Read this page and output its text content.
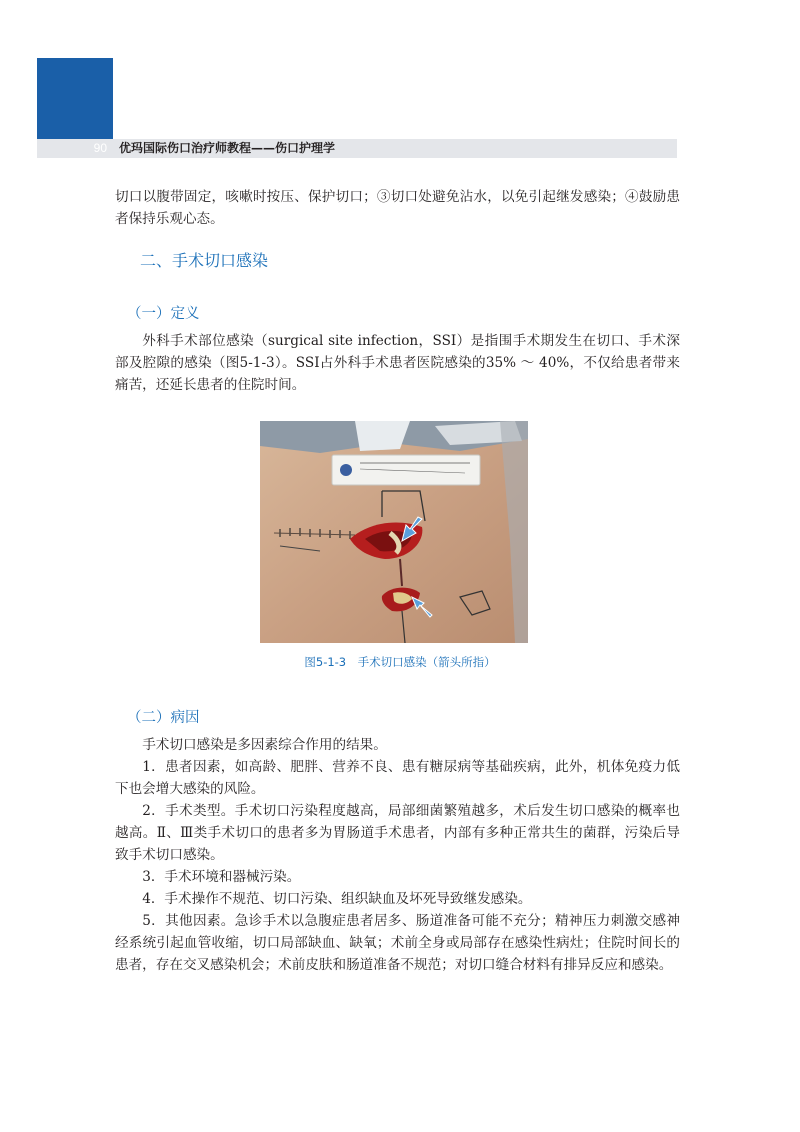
90	优玛国际伤口治疗师教程——伤口护理学

切口以腹带固定，咳嗽时按压、保护切口；③切口处避免沾水，以免引起继发感染；④鼓励患者保持乐观心态。

二、手术切口感染
（一）定义

外科手术部位感染（surgical site infection，SSI）是指围手术期发生在切口、手术深部及腔隙的感染（图5-1-3）。SSI占外科手术患者医院感染的35% ～ 40%，不仅给患者带来痛苦，还延长患者的住院时间。

图5-1-3　手术切口感染（箭头所指）
（二）病因

手术切口感染是多因素综合作用的结果。

1．患者因素，如高龄、肥胖、营养不良、患有糖尿病等基础疾病，此外，机体免疫力低下也会增大感染的风险。

2．手术类型。手术切口污染程度越高，局部细菌繁殖越多，术后发生切口感染的概率也越高。Ⅱ、Ⅲ类手术切口的患者多为胃肠道手术患者，内部有多种正常共生的菌群，污染后导致手术切口感染。

3．手术环境和器械污染。

4．手术操作不规范、切口污染、组织缺血及坏死导致继发感染。

5．其他因素。急诊手术以急腹症患者居多、肠道准备可能不充分；精神压力刺激交感神经系统引起血管收缩，切口局部缺血、缺氧；术前全身或局部存在感染性病灶；住院时间长的患者，存在交叉感染机会；术前皮肤和肠道准备不规范；对切口缝合材料有排异反应和感染。
